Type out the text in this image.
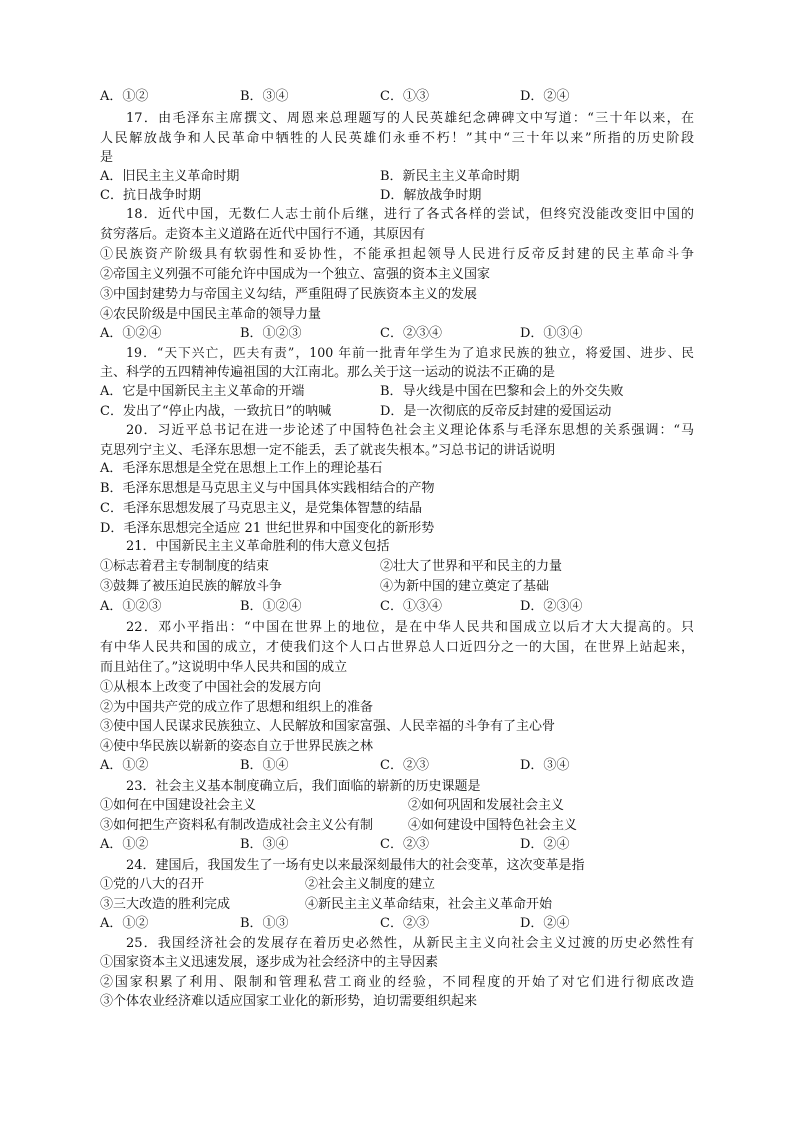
A．①②	B．③④	C．①③	D．②④
17．由毛泽东主席撰文、周恩来总理题写的人民英雄纪念碑碑文中写道：“三十年以来，在
人民解放战争和人民革命中牺牲的人民英雄们永垂不朽！”其中“三十年以来”所指的历史阶段
是
A．旧民主主义革命时期	B．新民主主义革命时期
C．抗日战争时期	D．解放战争时期
18．近代中国，无数仁人志士前仆后继，进行了各式各样的尝试，但终究没能改变旧中国的
贫穷落后。走资本主义道路在近代中国行不通，其原因有
①民族资产阶级具有软弱性和妥协性，不能承担起领导人民进行反帝反封建的民主革命斗争
②帝国主义列强不可能允许中国成为一个独立、富强的资本主义国家
③中国封建势力与帝国主义勾结，严重阻碍了民族资本主义的发展
④农民阶级是中国民主革命的领导力量
A．①②④	B．①②③	C．②③④	D．①③④
19．“天下兴亡，匹夫有责”，100 年前一批青年学生为了追求民族的独立，将爱国、进步、民
主、科学的五四精神传遍祖国的大江南北。那么关于这一运动的说法不正确的是
A．它是中国新民主主义革命的开端	B．导火线是中国在巴黎和会上的外交失败
C．发出了“停止内战，一致抗日”的呐喊	D．是一次彻底的反帝反封建的爱国运动
20．习近平总书记在进一步论述了中国特色社会主义理论体系与毛泽东思想的关系强调：“马
克思列宁主义、毛泽东思想一定不能丢，丢了就丧失根本。”习总书记的讲话说明
A．毛泽东思想是全党在思想上工作上的理论基石
B．毛泽东思想是马克思主义与中国具体实践相结合的产物
C．毛泽东思想发展了马克思主义，是党集体智慧的结晶
D．毛泽东思想完全适应 21 世纪世界和中国变化的新形势
21．中国新民主主义革命胜利的伟大意义包括
①标志着君主专制制度的结束	②壮大了世界和平和民主的力量
③鼓舞了被压迫民族的解放斗争	④为新中国的建立奠定了基础
A．①②③	B．①②④	C．①③④	D．②③④
22．邓小平指出：“中国在世界上的地位，是在中华人民共和国成立以后才大大提高的。只
有中华人民共和国的成立，才使我们这个人口占世界总人口近四分之一的大国，在世界上站起来，
而且站住了。”这说明中华人民共和国的成立
①从根本上改变了中国社会的发展方向
②为中国共产党的成立作了思想和组织上的准备
③使中国人民谋求民族独立、人民解放和国家富强、人民幸福的斗争有了主心骨
④使中华民族以崭新的姿态自立于世界民族之林
A．①②	B．①④	C．②③	D．③④
23．社会主义基本制度确立后，我们面临的崭新的历史课题是
①如何在中国建设社会主义	②如何巩固和发展社会主义
③如何把生产资料私有制改造成社会主义公有制	④如何建设中国特色社会主义
A．①②	B．③④	C．②③	D．②④
24．建国后，我国发生了一场有史以来最深刻最伟大的社会变革，这次变革是指
①党的八大的召开	②社会主义制度的建立
③三大改造的胜利完成	④新民主主义革命结束，社会主义革命开始
A．①②	B．①③	C．②③	D．②④
25．我国经济社会的发展存在着历史必然性，从新民主主义向社会主义过渡的历史必然性有
①国家资本主义迅速发展，逐步成为社会经济中的主导因素
②国家积累了利用、限制和管理私营工商业的经验，不同程度的开始了对它们进行彻底改造
③个体农业经济难以适应国家工业化的新形势，迫切需要组织起来
